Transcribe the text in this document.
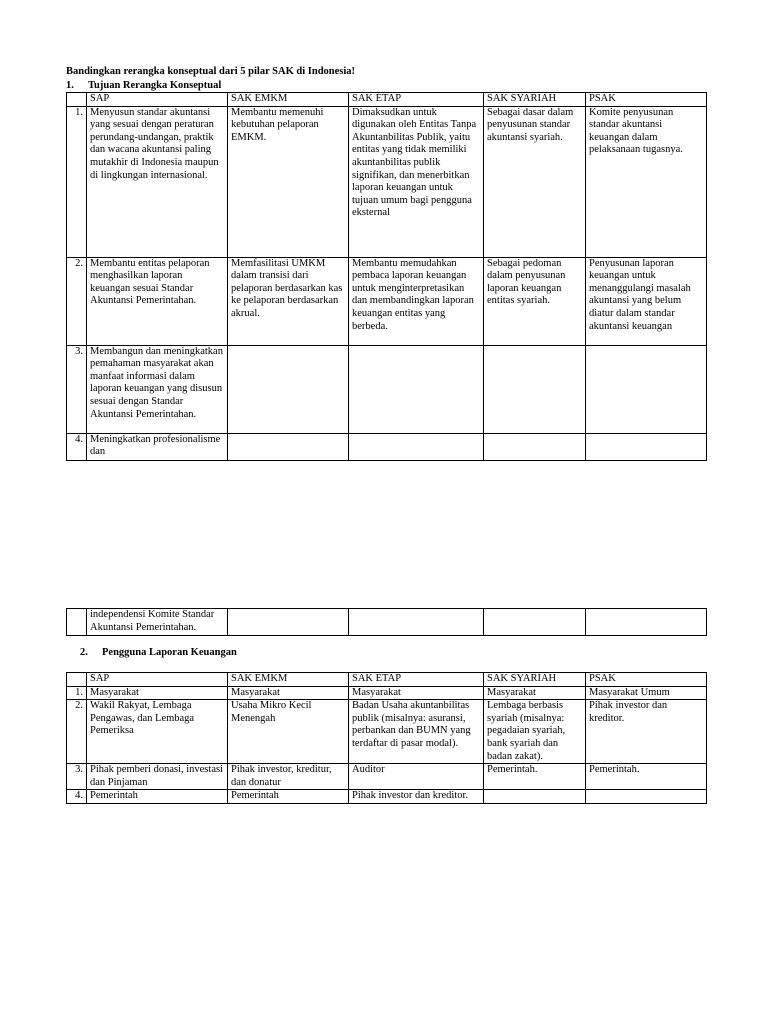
Bandingkan rerangka konseptual dari 5 pilar SAK di Indonesia!
1. Tujuan Rerangka Konseptual
	SAP	SAK EMKM	SAK ETAP	SAK SYARIAH	PSAK
1.	Menyusun standar akuntansi yang sesuai dengan peraturan perundang-undangan, praktik dan wacana akuntansi paling mutakhir di Indonesia maupun di lingkungan internasional.	Membantu memenuhi kebutuhan pelaporan EMKM.	Dimaksudkan untuk digunakan oleh Entitas Tanpa Akuntanbilitas Publik, yaitu entitas yang tidak memiliki akuntanbilitas publik signifikan, dan menerbitkan laporan keuangan untuk tujuan umum bagi pengguna eksternal	Sebagai dasar dalam penyusunan standar akuntansi syariah.	Komite penyusunan standar akuntansi keuangan dalam pelaksanaan tugasnya.
2.	Membantu entitas pelaporan menghasilkan laporan keuangan sesuai Standar Akuntansi Pemerintahan.	Memfasilitasi UMKM dalam transisi dari pelaporan berdasarkan kas ke pelaporan berdasarkan akrual.	Membantu memudahkan pembaca laporan keuangan untuk menginterpretasikan dan membandingkan laporan keuangan entitas yang berbeda.	Sebagai pedoman dalam penyusunan laporan keuangan entitas syariah.	Penyusunan laporan keuangan untuk menanggulangi masalah akuntansi yang belum diatur dalam standar akuntansi keuangan
3.	Membangun dan meningkatkan pemahaman masyarakat akan manfaat informasi dalam laporan keuangan yang disusun sesuai dengan Standar Akuntansi Pemerintahan.				
4.	Meningkatkan profesionalisme dan				
	independensi Komite Standar Akuntansi Pemerintahan.				
2. Pengguna Laporan Keuangan
	SAP	SAK EMKM	SAK ETAP	SAK SYARIAH	PSAK
1.	Masyarakat	Masyarakat	Masyarakat	Masyarakat	Masyarakat Umum
2.	Wakil Rakyat, Lembaga Pengawas, dan Lembaga Pemeriksa	Usaha Mikro Kecil Menengah	Badan Usaha akuntanbilitas publik (misalnya: asuransi, perbankan dan BUMN yang terdaftar di pasar modal).	Lembaga berbasis syariah (misalnya: pegadaian syariah, bank syariah dan badan zakat).	Pihak investor dan kreditor.
3.	Pihak pemberi donasi, investasi dan Pinjaman	Pihak investor, kreditur, dan donatur	Auditor	Pemerintah.	Pemerintah.
4.	Pemerintah	Pemerintah	Pihak investor dan kreditor.		
